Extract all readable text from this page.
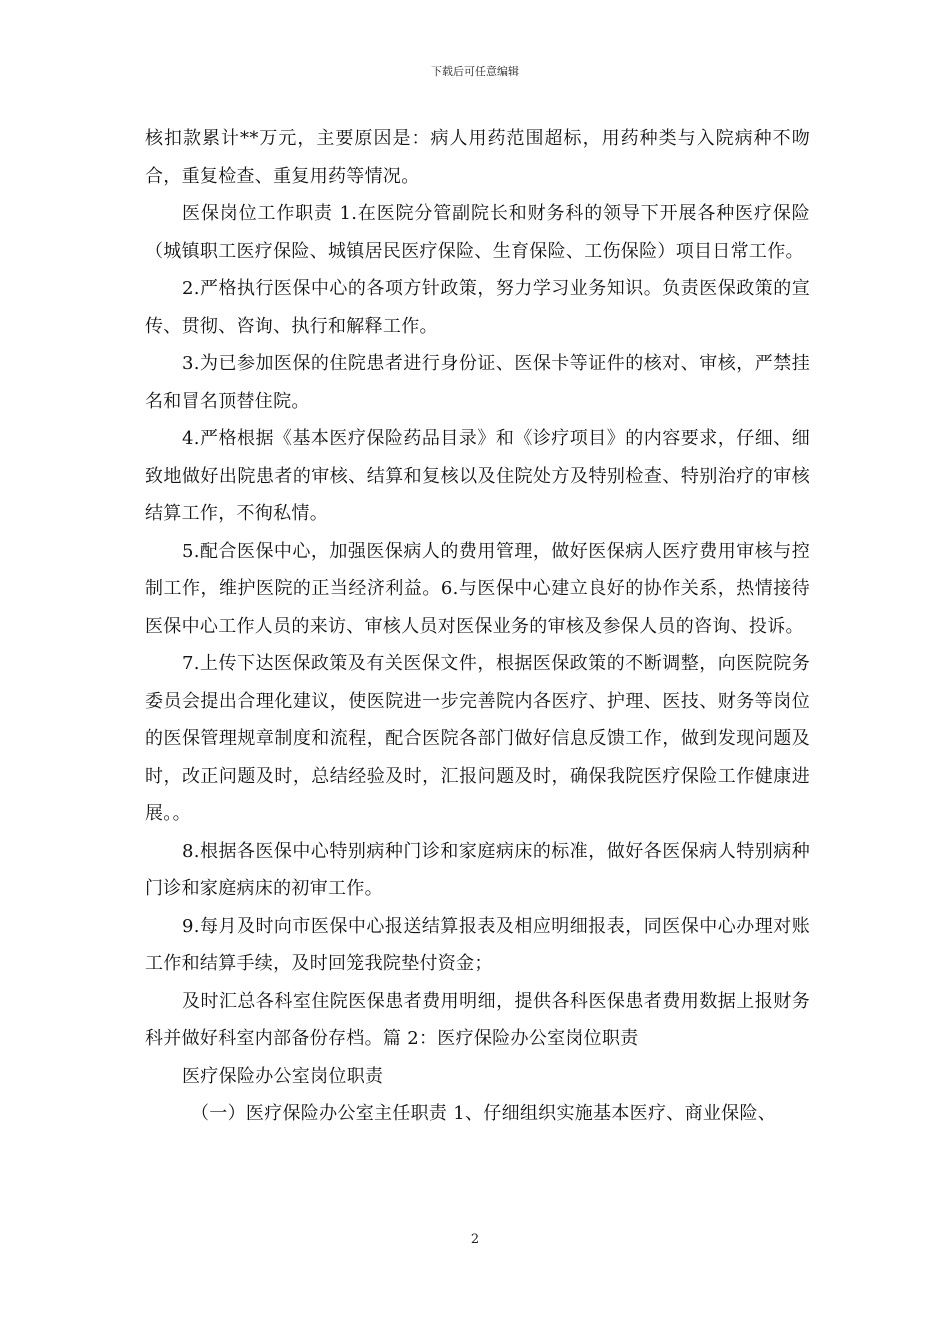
下载后可任意编辑

核扣款累计**万元，主要原因是：病人用药范围超标，用药种类与入院病种不吻合，重复检查、重复用药等情况。

医保岗位工作职责 1.在医院分管副院长和财务科的领导下开展各种医疗保险（城镇职工医疗保险、城镇居民医疗保险、生育保险、工伤保险）项目日常工作。

2.严格执行医保中心的各项方针政策，努力学习业务知识。负责医保政策的宣传、贯彻、咨询、执行和解释工作。

3.为已参加医保的住院患者进行身份证、医保卡等证件的核对、审核，严禁挂名和冒名顶替住院。

4.严格根据《基本医疗保险药品目录》和《诊疗项目》的内容要求，仔细、细致地做好出院患者的审核、结算和复核以及住院处方及特别检查、特别治疗的审核结算工作，不徇私情。

5.配合医保中心，加强医保病人的费用管理，做好医保病人医疗费用审核与控制工作，维护医院的正当经济利益。6.与医保中心建立良好的协作关系，热情接待医保中心工作人员的来访、审核人员对医保业务的审核及参保人员的咨询、投诉。

7.上传下达医保政策及有关医保文件，根据医保政策的不断调整，向医院院务委员会提出合理化建议，使医院进一步完善院内各医疗、护理、医技、财务等岗位的医保管理规章制度和流程，配合医院各部门做好信息反馈工作，做到发现问题及时，改正问题及时，总结经验及时，汇报问题及时，确保我院医疗保险工作健康进展。。

8.根据各医保中心特别病种门诊和家庭病床的标准，做好各医保病人特别病种门诊和家庭病床的初审工作。

9.每月及时向市医保中心报送结算报表及相应明细报表，同医保中心办理对账工作和结算手续，及时回笼我院垫付资金；

及时汇总各科室住院医保患者费用明细，提供各科医保患者费用数据上报财务科并做好科室内部备份存档。篇 2：医疗保险办公室岗位职责

医疗保险办公室岗位职责

（一）医疗保险办公室主任职责 1、仔细组织实施基本医疗、商业保险、

2
